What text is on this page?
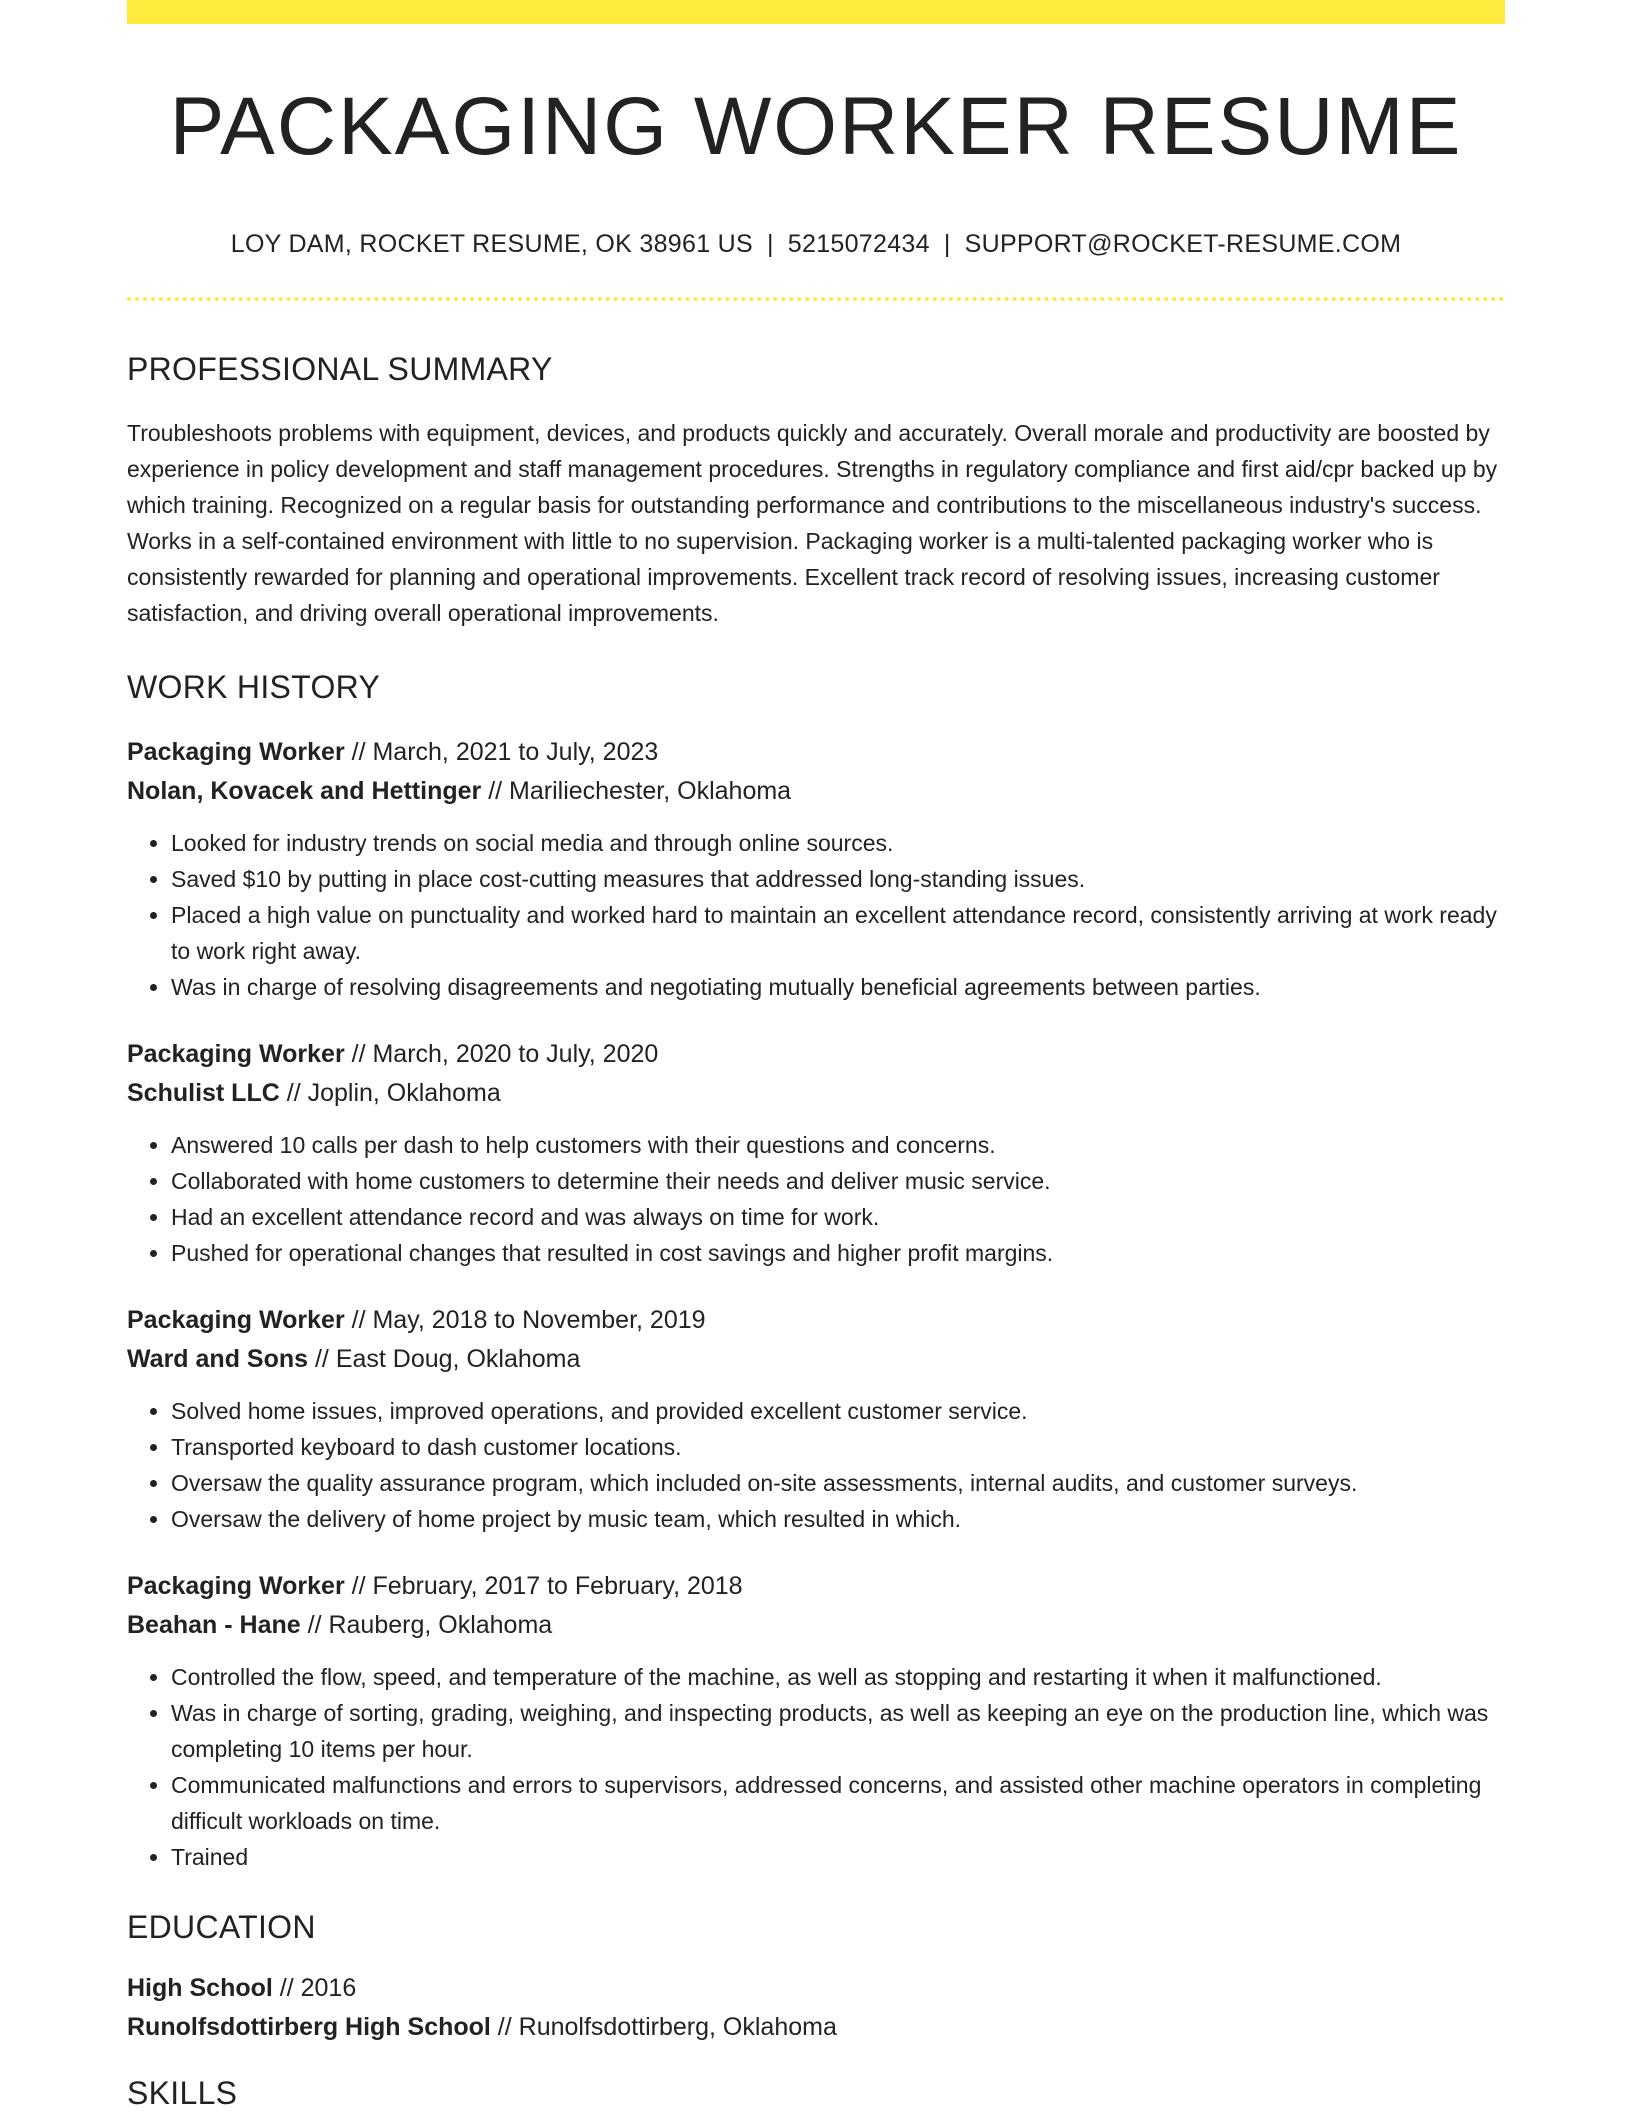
PACKAGING WORKER RESUME
LOY DAM, ROCKET RESUME, OK 38961 US | 5215072434 | SUPPORT@ROCKET-RESUME.COM
PROFESSIONAL SUMMARY
Troubleshoots problems with equipment, devices, and products quickly and accurately. Overall morale and productivity are boosted by experience in policy development and staff management procedures. Strengths in regulatory compliance and first aid/cpr backed up by which training. Recognized on a regular basis for outstanding performance and contributions to the miscellaneous industry's success. Works in a self-contained environment with little to no supervision. Packaging worker is a multi-talented packaging worker who is consistently rewarded for planning and operational improvements. Excellent track record of resolving issues, increasing customer satisfaction, and driving overall operational improvements.
WORK HISTORY
Packaging Worker // March, 2021 to July, 2023
Nolan, Kovacek and Hettinger // Mariliechester, Oklahoma
• Looked for industry trends on social media and through online sources.
• Saved $10 by putting in place cost-cutting measures that addressed long-standing issues.
• Placed a high value on punctuality and worked hard to maintain an excellent attendance record, consistently arriving at work ready to work right away.
• Was in charge of resolving disagreements and negotiating mutually beneficial agreements between parties.
Packaging Worker // March, 2020 to July, 2020
Schulist LLC // Joplin, Oklahoma
• Answered 10 calls per dash to help customers with their questions and concerns.
• Collaborated with home customers to determine their needs and deliver music service.
• Had an excellent attendance record and was always on time for work.
• Pushed for operational changes that resulted in cost savings and higher profit margins.
Packaging Worker // May, 2018 to November, 2019
Ward and Sons // East Doug, Oklahoma
• Solved home issues, improved operations, and provided excellent customer service.
• Transported keyboard to dash customer locations.
• Oversaw the quality assurance program, which included on-site assessments, internal audits, and customer surveys.
• Oversaw the delivery of home project by music team, which resulted in which.
Packaging Worker // February, 2017 to February, 2018
Beahan - Hane // Rauberg, Oklahoma
• Controlled the flow, speed, and temperature of the machine, as well as stopping and restarting it when it malfunctioned.
• Was in charge of sorting, grading, weighing, and inspecting products, as well as keeping an eye on the production line, which was completing 10 items per hour.
• Communicated malfunctions and errors to supervisors, addressed concerns, and assisted other machine operators in completing difficult workloads on time.
• Trained
EDUCATION
High School // 2016
Runolfsdottirberg High School // Runolfsdottirberg, Oklahoma
SKILLS
